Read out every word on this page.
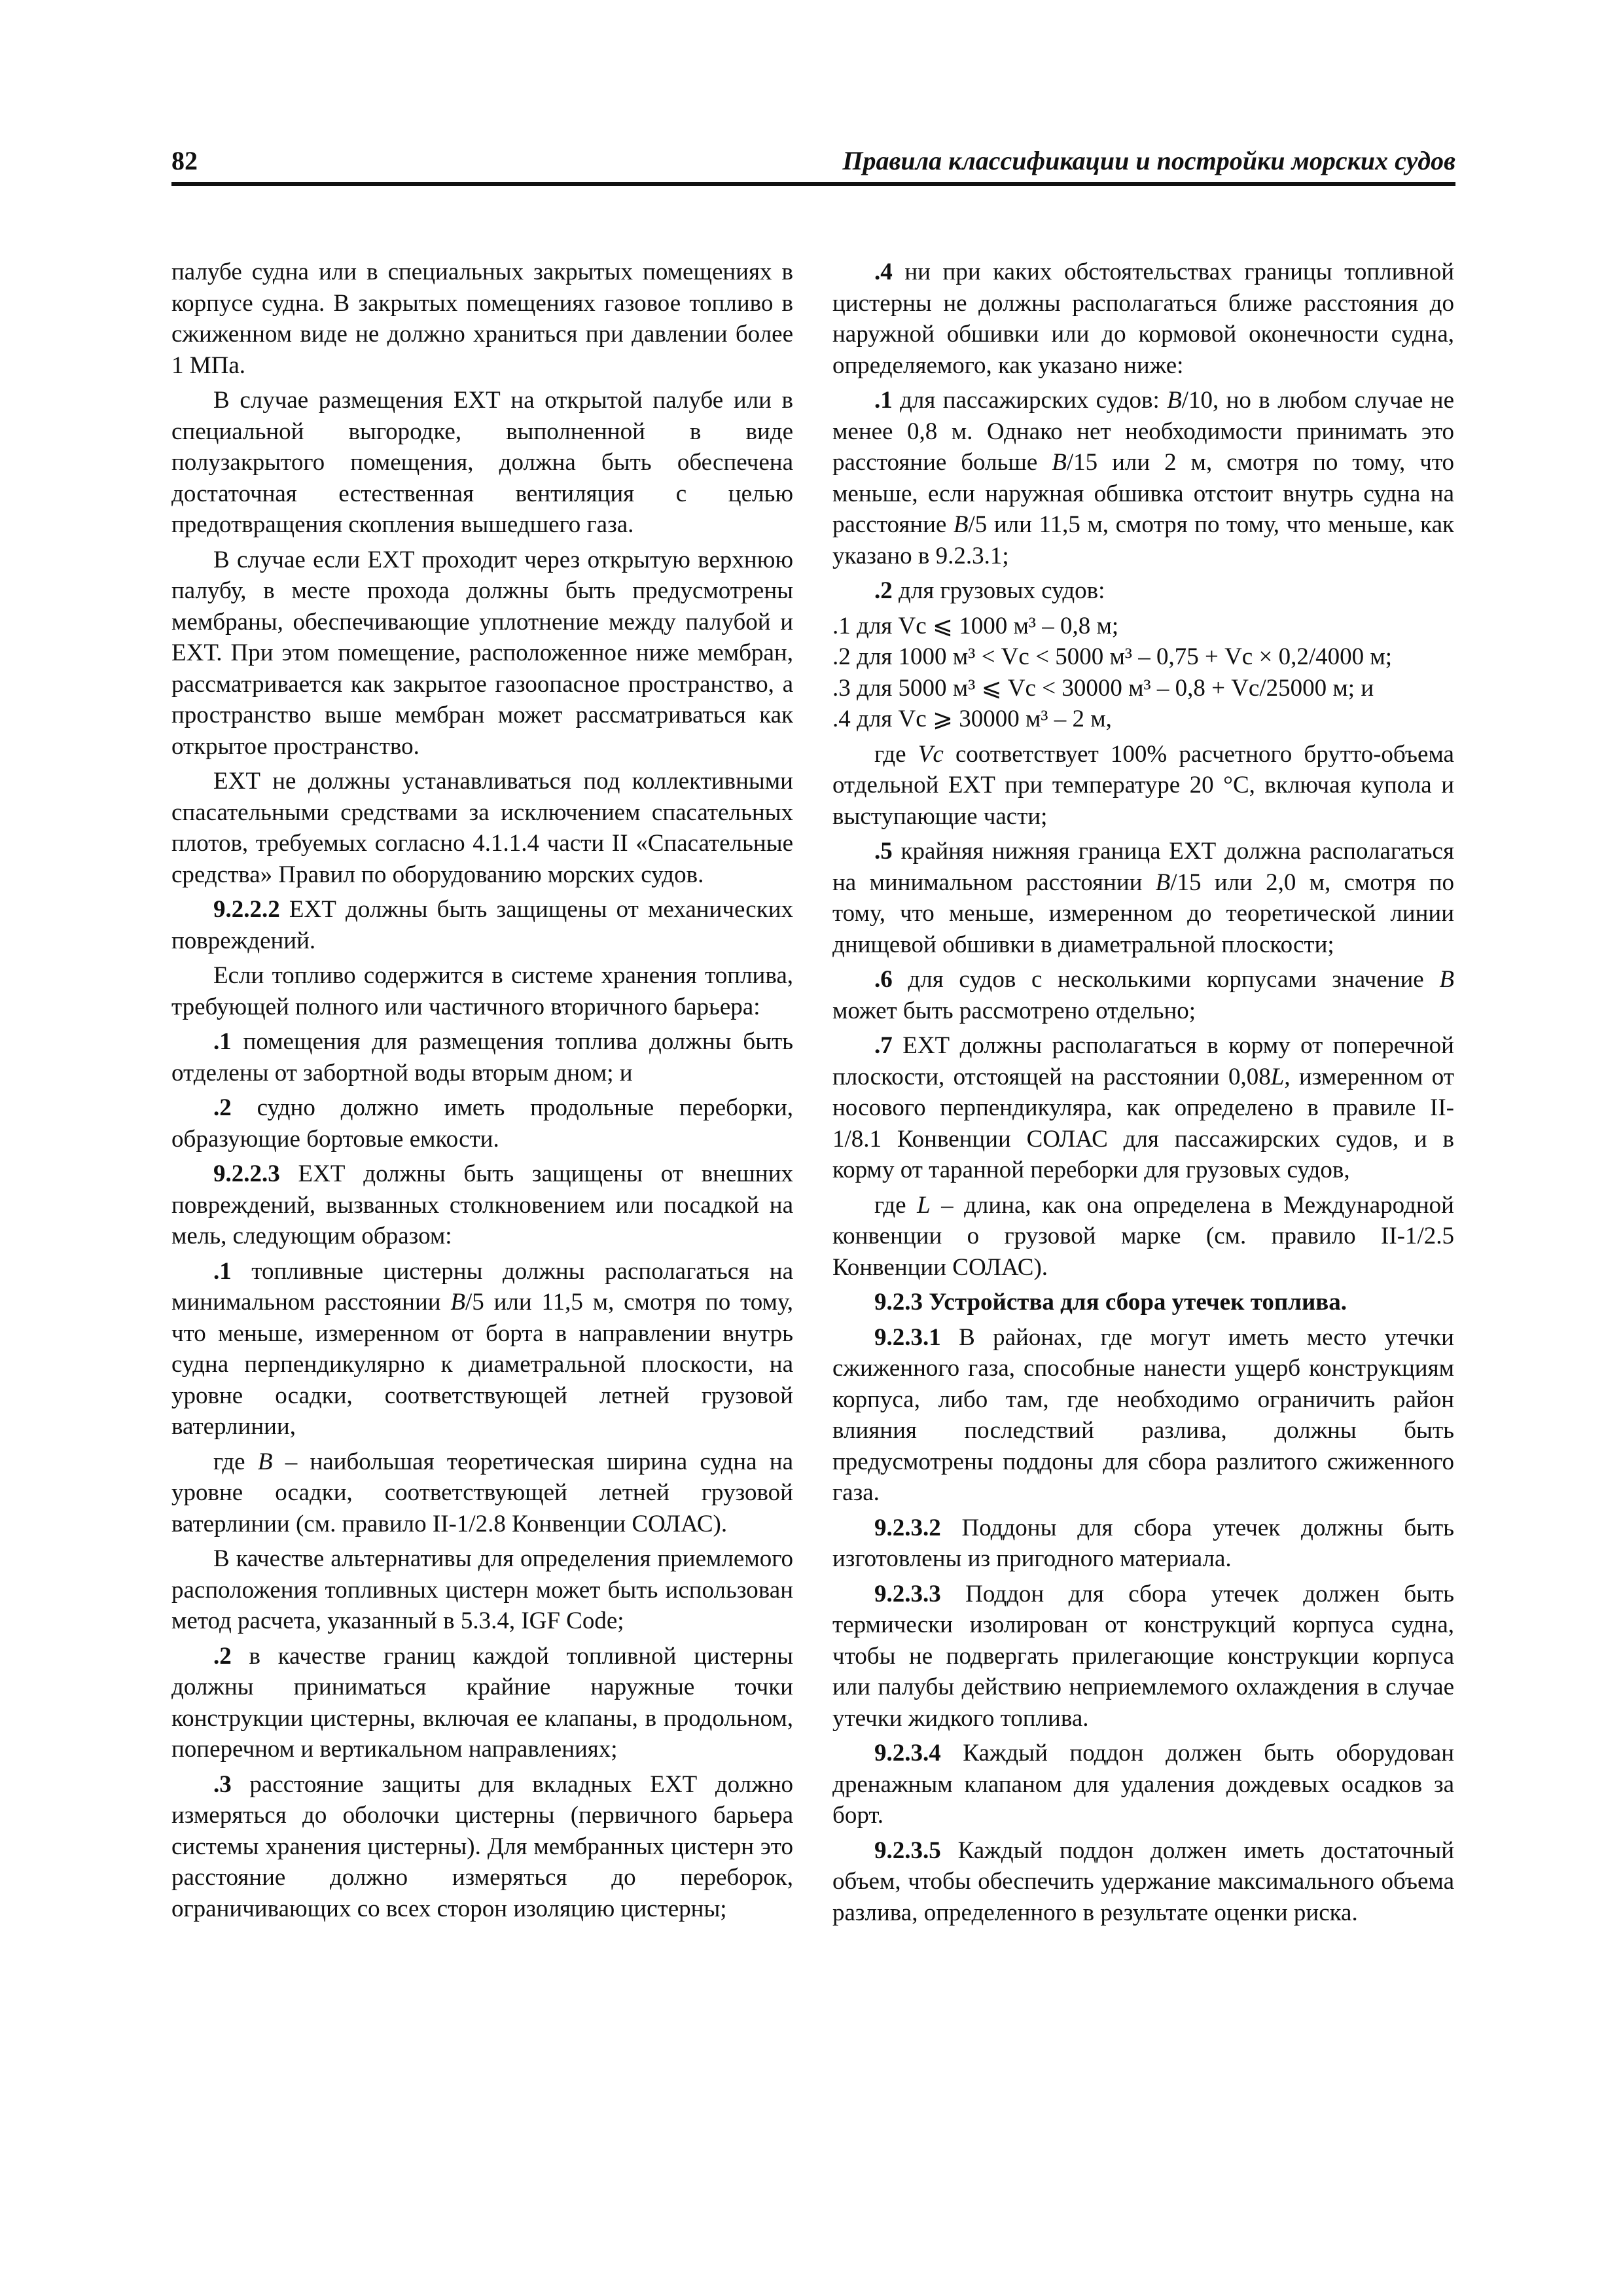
82	Правила классификации и постройки морских судов

палубе судна или в специальных закрытых помещениях в корпусе судна. В закрытых помещениях газовое топливо в сжиженном виде не должно храниться при давлении более 1 МПа.

В случае размещения ЕХТ на открытой палубе или в специальной выгородке, выполненной в виде полузакрытого помещения, должна быть обеспечена достаточная естественная вентиляция с целью предотвращения скопления вышедшего газа.

В случае если ЕХТ проходит через открытую верхнюю палубу, в месте прохода должны быть предусмотрены мембраны, обеспечивающие уплотнение между палубой и ЕХТ. При этом помещение, расположенное ниже мембран, рассматривается как закрытое газоопасное пространство, а пространство выше мембран может рассматриваться как открытое пространство.

ЕХТ не должны устанавливаться под коллективными спасательными средствами за исключением спасательных плотов, требуемых согласно 4.1.1.4 части II «Спасательные средства» Правил по оборудованию морских судов.

9.2.2.2 ЕХТ должны быть защищены от механических повреждений.

Если топливо содержится в системе хранения топлива, требующей полного или частичного вторичного барьера:

.1 помещения для размещения топлива должны быть отделены от забортной воды вторым дном; и

.2 судно должно иметь продольные переборки, образующие бортовые емкости.

9.2.2.3 ЕХТ должны быть защищены от внешних повреждений, вызванных столкновением или посадкой на мель, следующим образом:

.1 топливные цистерны должны располагаться на минимальном расстоянии B/5 или 11,5 м, смотря по тому, что меньше, измеренном от борта в направлении внутрь судна перпендикулярно к диаметральной плоскости, на уровне осадки, соответствующей летней грузовой ватерлинии,

где B – наибольшая теоретическая ширина судна на уровне осадки, соответствующей летней грузовой ватерлинии (см. правило II-1/2.8 Конвенции СОЛАС).

В качестве альтернативы для определения приемлемого расположения топливных цистерн может быть использован метод расчета, указанный в 5.3.4, IGF Code;

.2 в качестве границ каждой топливной цистерны должны приниматься крайние наружные точки конструкции цистерны, включая ее клапаны, в продольном, поперечном и вертикальном направлениях;

.3 расстояние защиты для вкладных ЕХТ должно измеряться до оболочки цистерны (первичного барьера системы хранения цистерны). Для мембранных цистерн это расстояние должно измеряться до переборок, ограничивающих со всех сторон изоляцию цистерны;

.4 ни при каких обстоятельствах границы топливной цистерны не должны располагаться ближе расстояния до наружной обшивки или до кормовой оконечности судна, определяемого, как указано ниже:

.1 для пассажирских судов: B/10, но в любом случае не менее 0,8 м. Однако нет необходимости принимать это расстояние больше B/15 или 2 м, смотря по тому, что меньше, если наружная обшивка отстоит внутрь судна на расстояние B/5 или 11,5 м, смотря по тому, что меньше, как указано в 9.2.3.1;

.2 для грузовых судов:

.1 для Vc ⩽ 1000 м³ – 0,8 м;
.2 для 1000 м³ < Vc < 5000 м³ – 0,75 + Vc × 0,2/4000 м;
.3 для 5000 м³ ⩽ Vc < 30000 м³ – 0,8 + Vc/25000 м; и
.4 для Vc ⩾ 30000 м³ – 2 м,

где Vc соответствует 100% расчетного брутто-объема отдельной ЕХТ при температуре 20 °С, включая купола и выступающие части;

.5 крайняя нижняя граница ЕХТ должна располагаться на минимальном расстоянии B/15 или 2,0 м, смотря по тому, что меньше, измеренном до теоретической линии днищевой обшивки в диаметральной плоскости;

.6 для судов с несколькими корпусами значение B может быть рассмотрено отдельно;

.7 ЕХТ должны располагаться в корму от поперечной плоскости, отстоящей на расстоянии 0,08L, измеренном от носового перпендикуляра, как определено в правиле II-1/8.1 Конвенции СОЛАС для пассажирских судов, и в корму от таранной переборки для грузовых судов,

где L – длина, как она определена в Международной конвенции о грузовой марке (см. правило II-1/2.5 Конвенции СОЛАС).

9.2.3 Устройства для сбора утечек топлива.

9.2.3.1 В районах, где могут иметь место утечки сжиженного газа, способные нанести ущерб конструкциям корпуса, либо там, где необходимо ограничить район влияния последствий разлива, должны быть предусмотрены поддоны для сбора разлитого сжиженного газа.

9.2.3.2 Поддоны для сбора утечек должны быть изготовлены из пригодного материала.

9.2.3.3 Поддон для сбора утечек должен быть термически изолирован от конструкций корпуса судна, чтобы не подвергать прилегающие конструкции корпуса или палубы действию неприемлемого охлаждения в случае утечки жидкого топлива.

9.2.3.4 Каждый поддон должен быть оборудован дренажным клапаном для удаления дождевых осадков за борт.

9.2.3.5 Каждый поддон должен иметь достаточный объем, чтобы обеспечить удержание максимального объема разлива, определенного в результате оценки риска.
